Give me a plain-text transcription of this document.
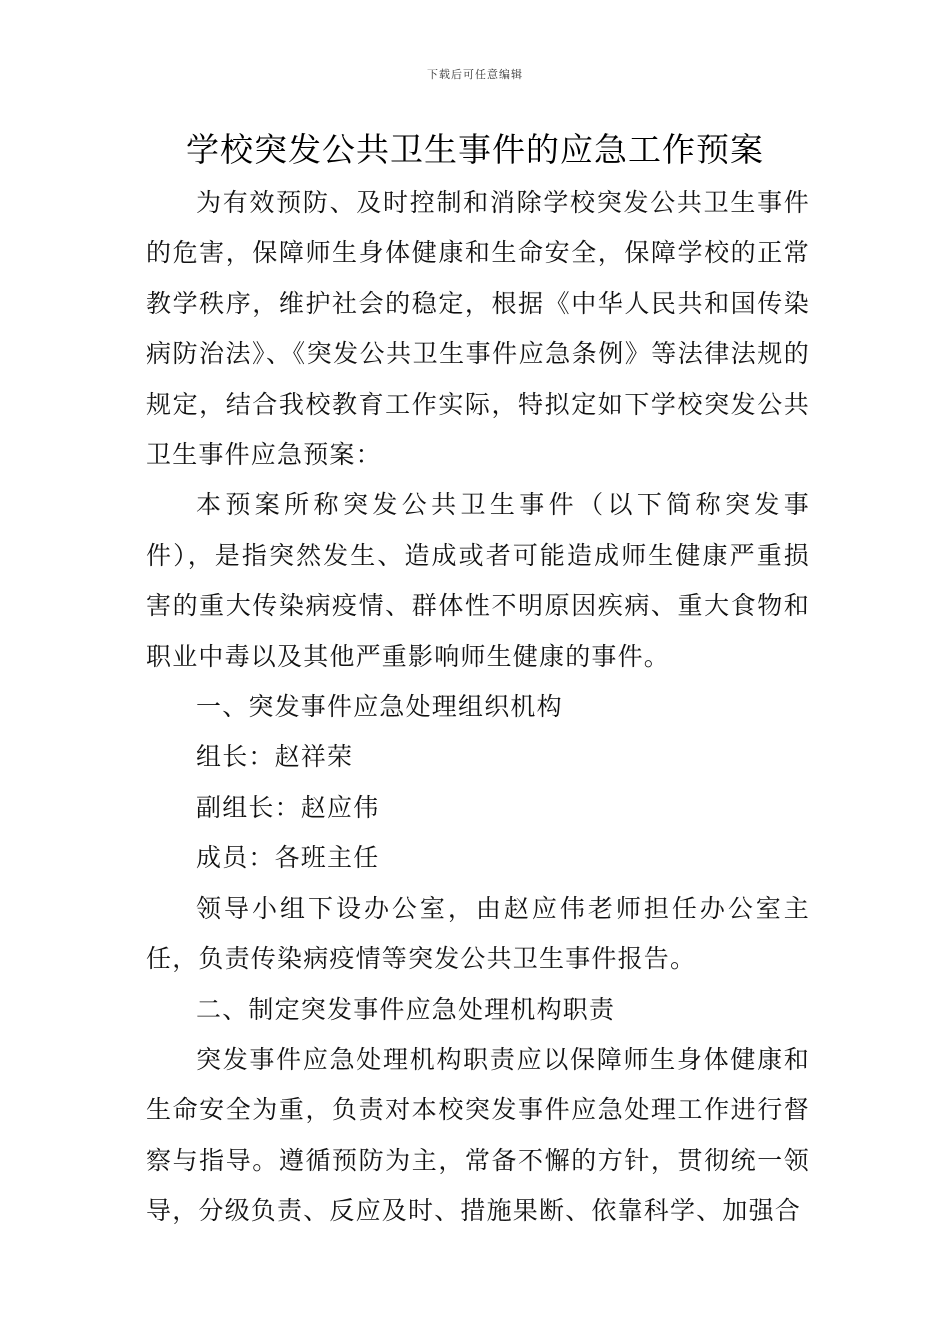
下载后可任意编辑
学校突发公共卫生事件的应急工作预案

为有效预防、及时控制和消除学校突发公共卫生事件的危害，保障师生身体健康和生命安全，保障学校的正常教学秩序，维护社会的稳定，根据《中华人民共和国传染病防治法》、《突发公共卫生事件应急条例》等法律法规的规定，结合我校教育工作实际，特拟定如下学校突发公共卫生事件应急预案：

本预案所称突发公共卫生事件（以下简称突发事件），是指突然发生、造成或者可能造成师生健康严重损害的重大传染病疫情、群体性不明原因疾病、重大食物和职业中毒以及其他严重影响师生健康的事件。

一、突发事件应急处理组织机构

组长：赵祥荣

副组长：赵应伟

成员：各班主任

领导小组下设办公室，由赵应伟老师担任办公室主任，负责传染病疫情等突发公共卫生事件报告。

二、制定突发事件应急处理机构职责

突发事件应急处理机构职责应以保障师生身体健康和生命安全为重，负责对本校突发事件应急处理工作进行督察与指导。遵循预防为主，常备不懈的方针，贯彻统一领导，分级负责、反应及时、措施果断、依靠科学、加强合
